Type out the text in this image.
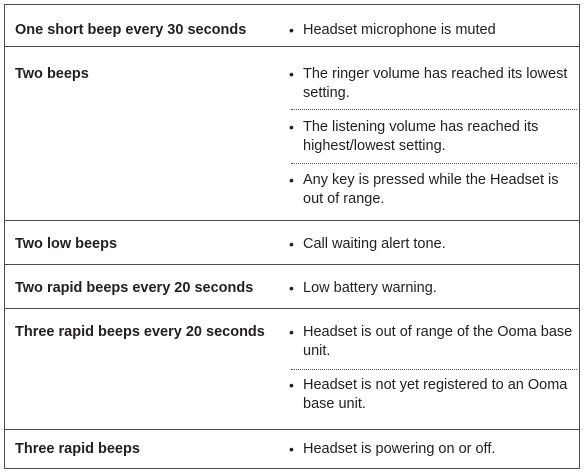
One short beep every 30 seconds	• Headset microphone is muted
Two beeps	• The ringer volume has reached its lowest setting.
• The listening volume has reached its highest/lowest setting.
• Any key is pressed while the Headset is out of range.
Two low beeps	• Call waiting alert tone.
Two rapid beeps every 20 seconds	• Low battery warning.
Three rapid beeps every 20 seconds • Headset is out of range of the Ooma base unit.
• Headset is not yet registered to an Ooma base unit.
Three rapid beeps	• Headset is powering on or off.
